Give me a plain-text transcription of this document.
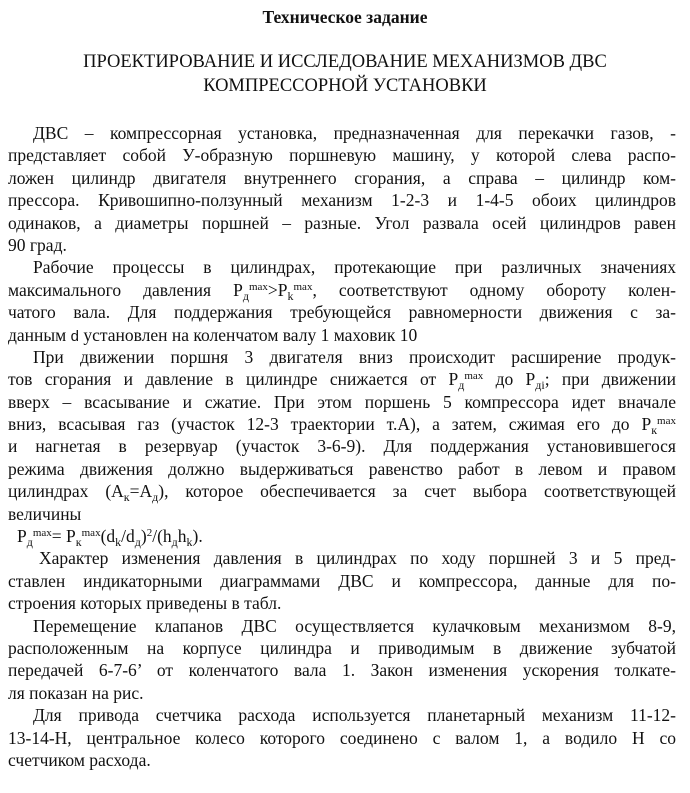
Техническое задание
ПРОЕКТИРОВАНИЕ И ИССЛЕДОВАНИЕ МЕХАНИЗМОВ ДВС
КОМПРЕССОРНОЙ УСТАНОВКИ
ДВС – компрессорная установка, предназначенная для перекачки газов, -
представляет собой У-образную поршневую машину, у которой слева распо-
ложен цилиндр двигателя внутреннего сгорания, а справа – цилиндр ком-
прессора. Кривошипно-ползунный механизм 1-2-3 и 1-4-5 обоих цилиндров
одинаков, а диаметры поршней – разные. Угол развала осей цилиндров равен
90 град.
Рабочие процессы в цилиндрах, протекающие при различных значениях
максимального давления $P_д^{max}>P_k^{max}$, соответствуют одному обороту колен-
чатого вала. Для поддержания требующейся равномерности движения с за-
данным d установлен на коленчатом валу 1 маховик 10
При движении поршня 3 двигателя вниз происходит расширение продук-
тов сгорания и давление в цилиндре снижается от $P_д^{max}$ до $P_{дi}$; при движении
вверх – всасывание и сжатие. При этом поршень 5 компрессора идет вначале
вниз, всасывая газ (участок 12-3 траектории т.А), а затем, сжимая его до $P_к^{max}$
и нагнетая в резервуар (участок 3-6-9). Для поддержания установившегося
режима движения должно выдерживаться равенство работ в левом и правом
цилиндрах $(A_к=A_д)$, которое обеспечивается за счет выбора соответствующей
величины
$P_д^{max}= P_к^{max}(d_k/d_д)^2/(h_дh_k)$.
Характер изменения давления в цилиндрах по ходу поршней 3 и 5 пред-
ставлен индикаторными диаграммами ДВС и компрессора, данные для по-
строения которых приведены в табл.
Перемещение клапанов ДВС осуществляется кулачковым механизмом 8-9,
расположенным на корпусе цилиндра и приводимым в движение зубчатой
передачей 6-7-6’ от коленчатого вала 1. Закон изменения ускорения толкате-
ля показан на рис.
Для привода счетчика расхода используется планетарный механизм 11-12-
13-14-Н, центральное колесо которого соединено с валом 1, а водило Н со
счетчиком расхода.
